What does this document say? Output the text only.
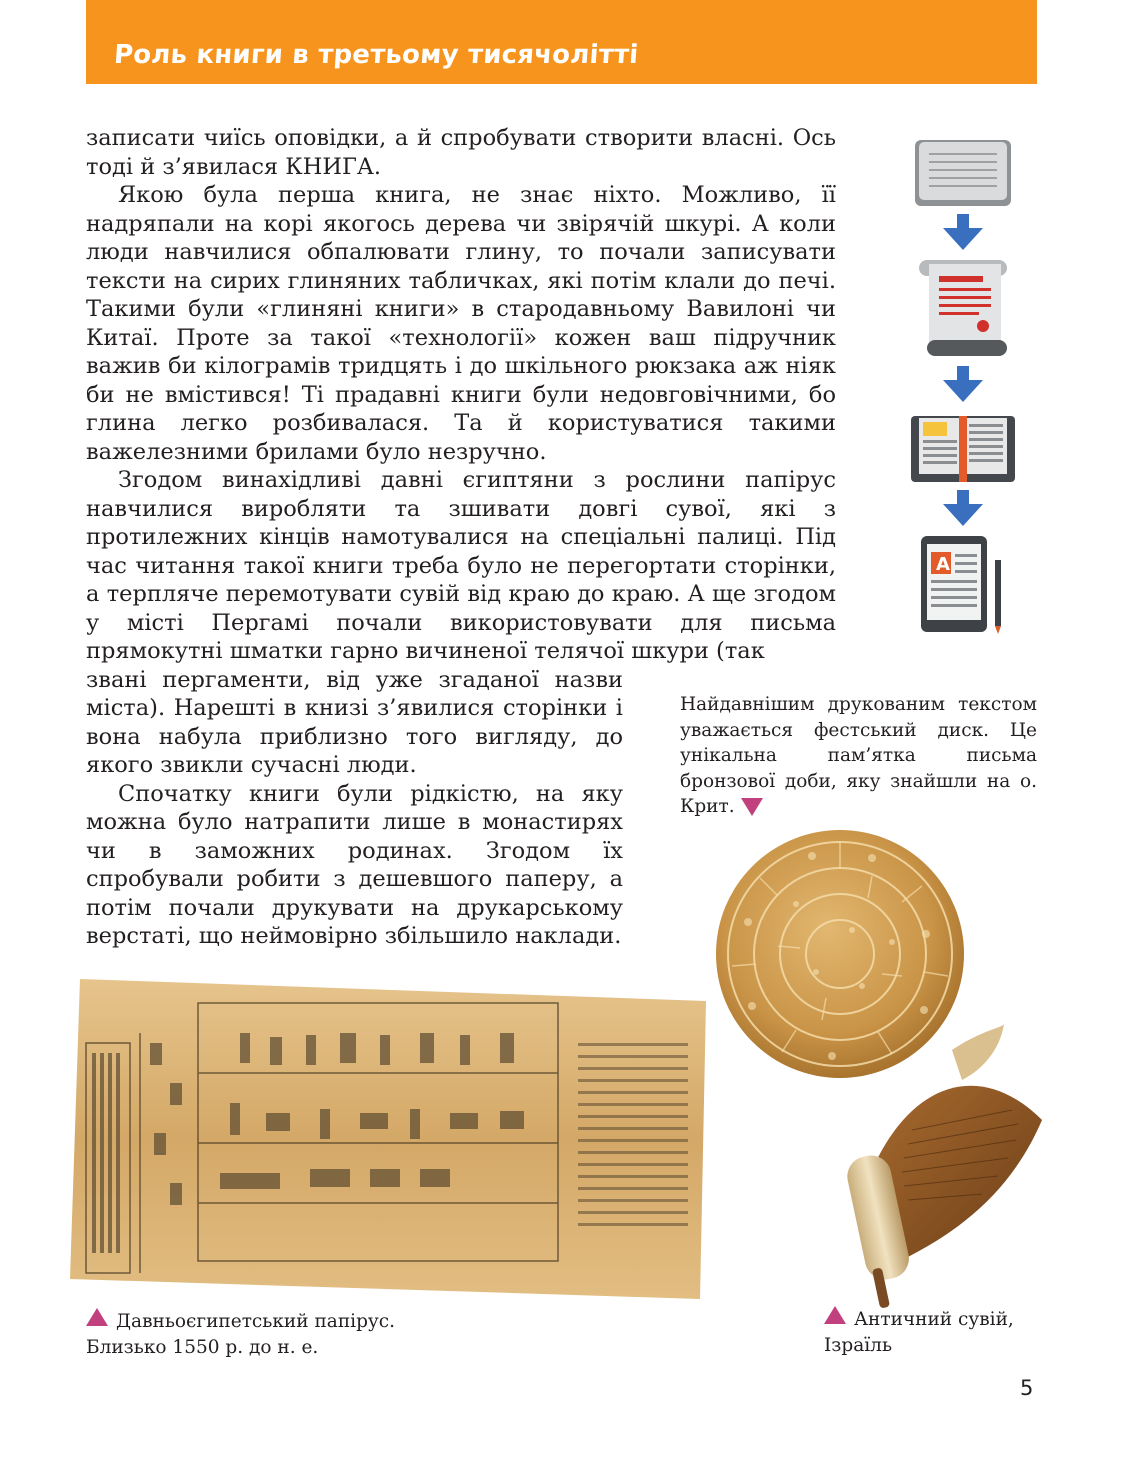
Роль книги в третьому тисячолітті

записати чиїсь оповідки, а й спробувати створити власні. Ось тоді й з’явилася КНИГА.

Якою була перша книга, не знає ніхто. Можливо, її надряпали на корі якогось дерева чи звірячій шкурі. А коли люди навчилися обпалювати глину, то почали записувати тексти на сирих глиняних табличках, які потім клали до печі. Такими були «глиняні книги» в стародавньому Вавилоні чи Китаї. Проте за такої «технології» кожен ваш підручник важив би кілограмів тридцять і до шкільного рюкзака аж ніяк би не вмістився! Ті прадавні книги були недовговічними, бо глина легко розбивалася. Та й користуватися такими важелезними брилами було незручно.

Згодом винахідливі давні єгиптяни з рослини папірус навчилися виробляти та зшивати довгі сувої, які з протилежних кінців намотувалися на спеціальні палиці. Під час читання такої книги треба було не перегортати сторінки, а терпляче перемотувати сувій від краю до краю. А ще згодом у місті Пергамі почали використовувати для письма прямокутні шматки гарно вичиненої телячої шкури (так

звані пергаменти, від уже згаданої назви міста). Нарешті в книзі з’явилися сторінки і вона набула приблизно того вигляду, до якого звикли сучасні люди.

Спочатку книги були рідкістю, на яку можна було натрапити лише в монастирях чи в заможних родинах. Згодом їх спробували робити з дешевшого паперу, а потім почали друкувати на друкарському верстаті, що неймовірно збільшило наклади.

A
Найдавнішим друкованим текстом уважається фестський диск. Це унікальна пам’ятка письма бронзової доби, яку знайшли на о. Крит.
Давньоєгипетський папірус.
Близько 1550 р. до н. е.
Античний сувій,
Ізраїль
5
